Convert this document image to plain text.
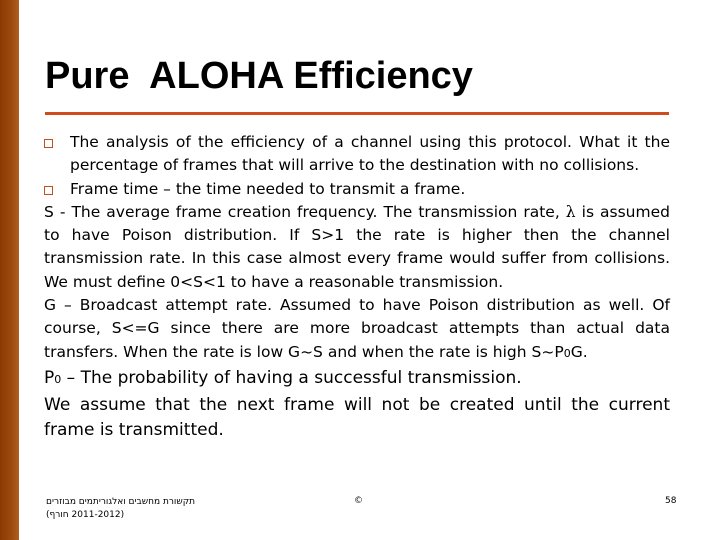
Pure  ALOHA Efficiency
The analysis of the efficiency of a channel using this protocol. What it the percentage of frames that will arrive to the destination with no collisions.
Frame time – the time needed to transmit a frame.
S - The average frame creation frequency. The transmission rate, λ is assumed to have Poison distribution. If S>1 the rate is higher then the channel transmission rate. In this case almost every frame would suffer from collisions. We must define 0<S<1 to have a reasonable transmission.
G – Broadcast attempt rate. Assumed to have Poison distribution as well. Of course, S<=G since there are more broadcast attempts than actual data transfers. When the rate is low G~S and when the rate is high S~P0G.
P0 – The probability of having a successful transmission.
We assume that the next frame will not be created until the current frame is transmitted.
תקשורת מחשבים ואלגוריתמים מבוזרים
(2011-2012 חורף)
©	58
